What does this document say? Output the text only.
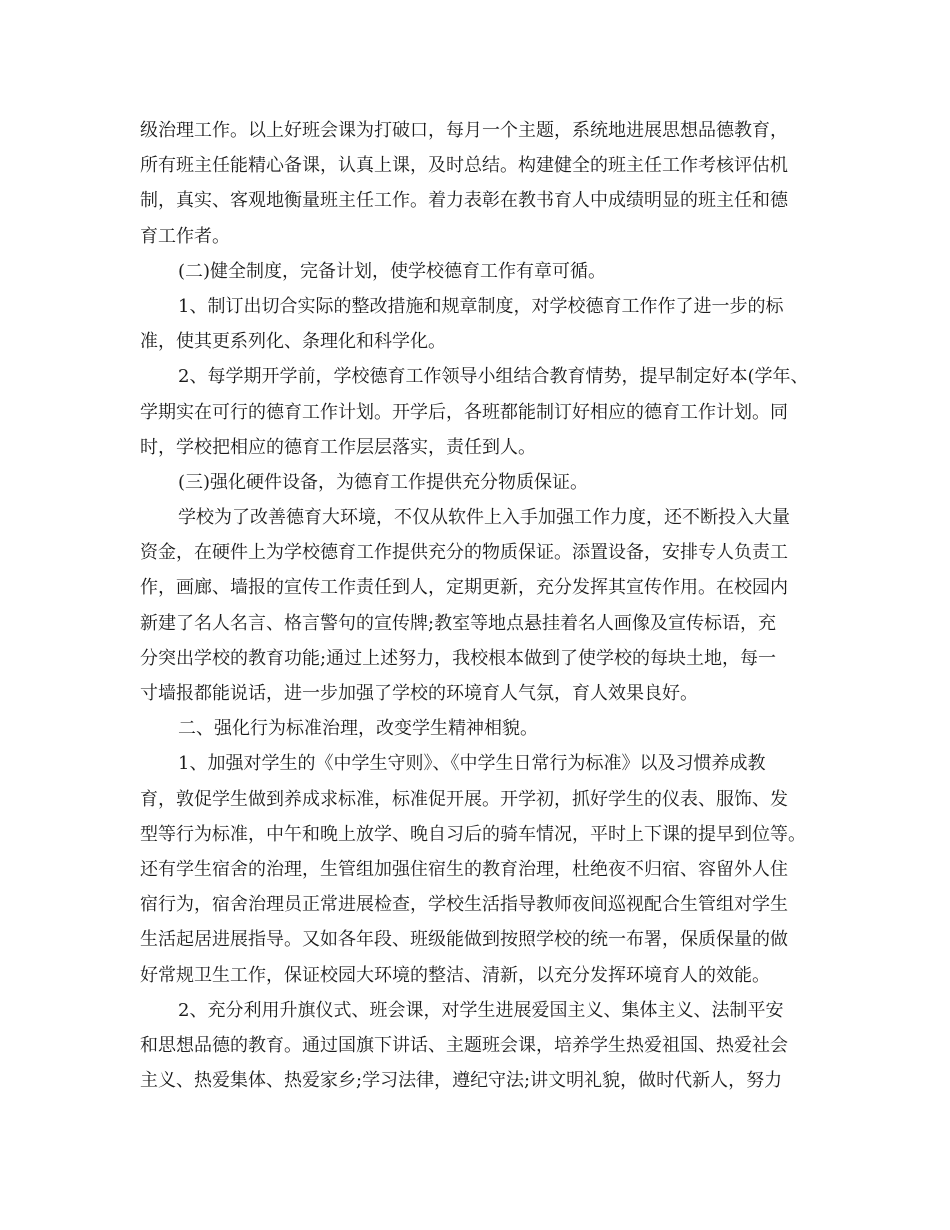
级治理工作。以上好班会课为打破口，每月一个主题，系统地进展思想品德教育，
所有班主任能精心备课，认真上课，及时总结。构建健全的班主任工作考核评估机
制，真实、客观地衡量班主任工作。着力表彰在教书育人中成绩明显的班主任和德
育工作者。
(二)健全制度，完备计划，使学校德育工作有章可循。
1、制订出切合实际的整改措施和规章制度，对学校德育工作作了进一步的标
准，使其更系列化、条理化和科学化。
2、每学期开学前，学校德育工作领导小组结合教育情势，提早制定好本(学年、
学期实在可行的德育工作计划。开学后，各班都能制订好相应的德育工作计划。同
时，学校把相应的德育工作层层落实，责任到人。
(三)强化硬件设备，为德育工作提供充分物质保证。
学校为了改善德育大环境，不仅从软件上入手加强工作力度，还不断投入大量
资金，在硬件上为学校德育工作提供充分的物质保证。添置设备，安排专人负责工
作，画廊、墙报的宣传工作责任到人，定期更新，充分发挥其宣传作用。在校园内
新建了名人名言、格言警句的宣传牌;教室等地点悬挂着名人画像及宣传标语，充
分突出学校的教育功能;通过上述努力，我校根本做到了使学校的每块土地，每一
寸墙报都能说话，进一步加强了学校的环境育人气氛，育人效果良好。
二、强化行为标准治理，改变学生精神相貌。
1、加强对学生的《中学生守则》、《中学生日常行为标准》以及习惯养成教
育，敦促学生做到养成求标准，标准促开展。开学初，抓好学生的仪表、服饰、发
型等行为标准，中午和晚上放学、晚自习后的骑车情况，平时上下课的提早到位等。
还有学生宿舍的治理，生管组加强住宿生的教育治理，杜绝夜不归宿、容留外人住
宿行为，宿舍治理员正常进展检查，学校生活指导教师夜间巡视配合生管组对学生
生活起居进展指导。又如各年段、班级能做到按照学校的统一布署，保质保量的做
好常规卫生工作，保证校园大环境的整洁、清新，以充分发挥环境育人的效能。
2、充分利用升旗仪式、班会课，对学生进展爱国主义、集体主义、法制平安
和思想品德的教育。通过国旗下讲话、主题班会课，培养学生热爱祖国、热爱社会
主义、热爱集体、热爱家乡;学习法律，遵纪守法;讲文明礼貌，做时代新人，努力
